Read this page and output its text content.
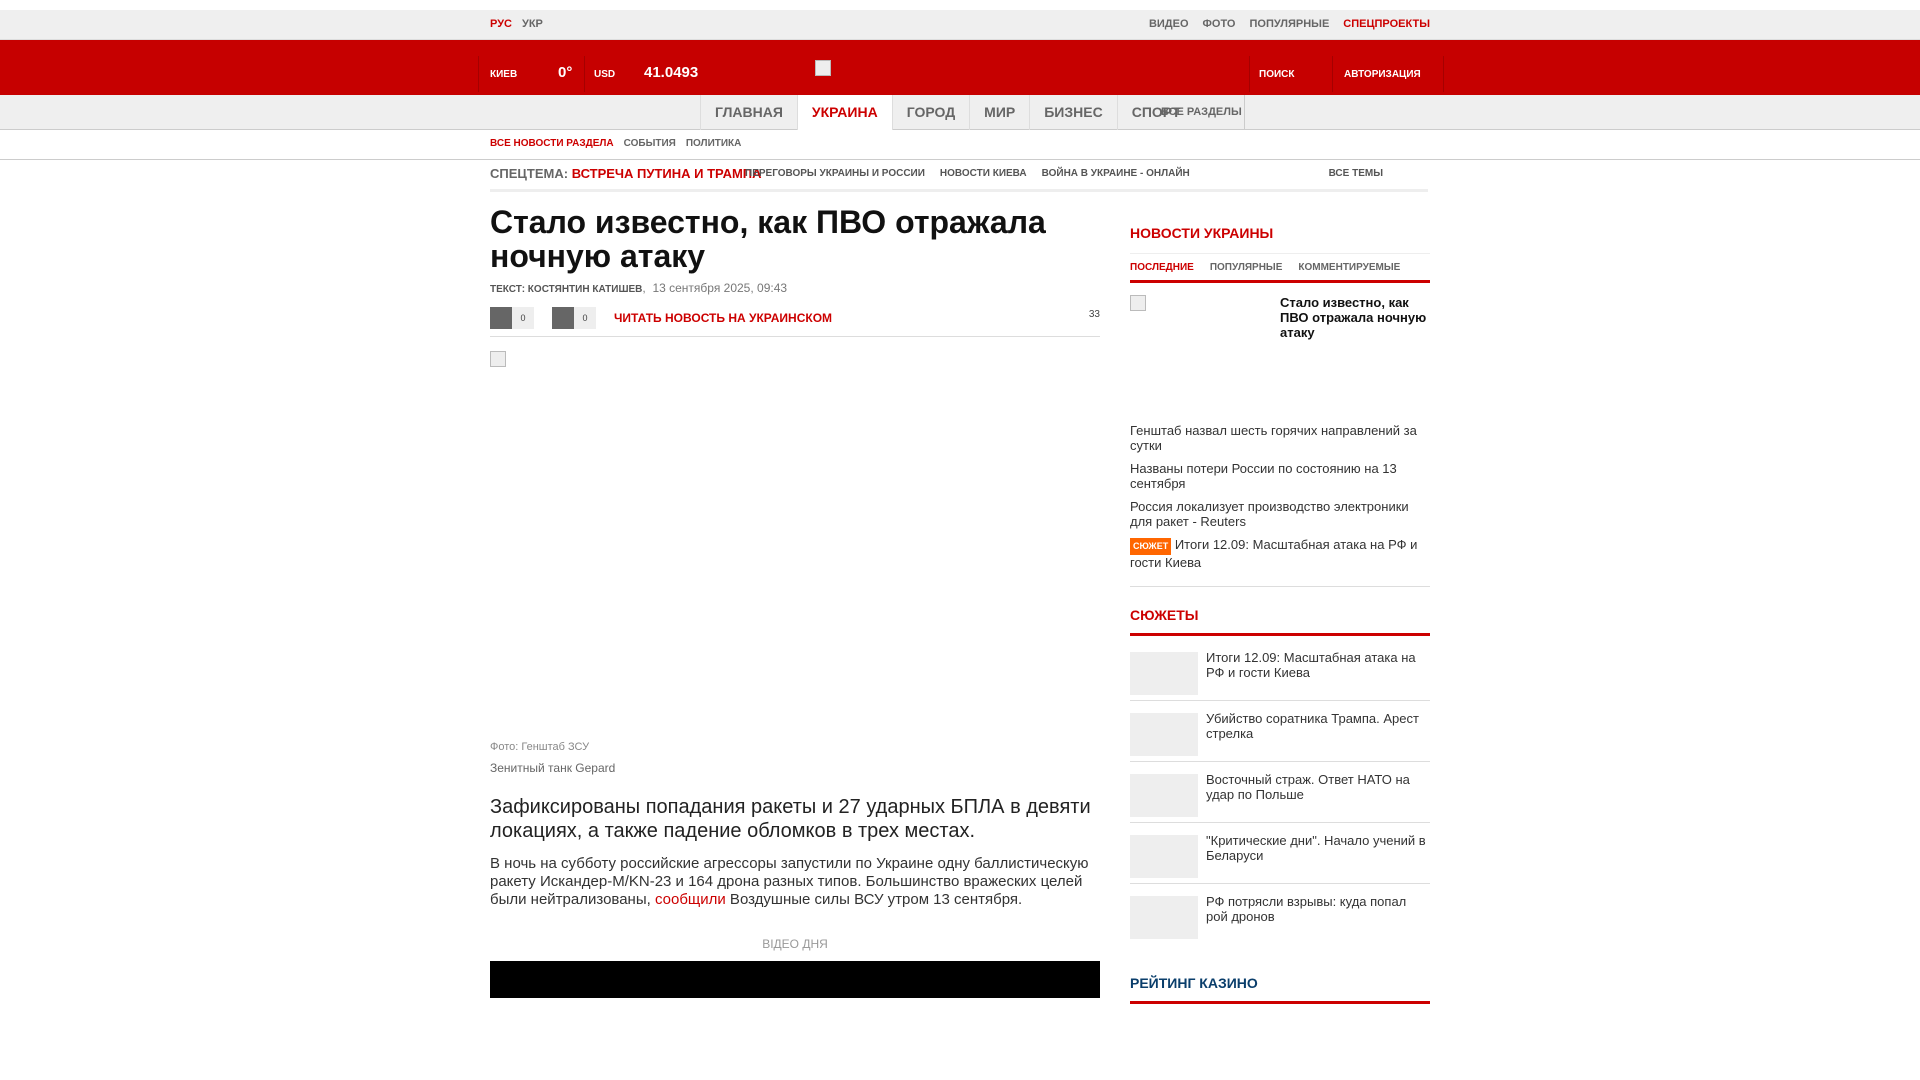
РУС УКР	ВИДЕО ФОТО ПОПУЛЯРНЫЕ СПЕЦПРОЕКТЫ
КИЕВ	0° USD 41.0493	ПОИСК	АВТОРИЗАЦИЯ
ГЛАВНАЯ	УКРАИНА	ГОРОД	МИР	БИЗНЕС	СПОРТ
ВСЕ РАЗДЕЛЫ
ВСЕ НОВОСТИ РАЗДЕЛА СОБЫТИЯ ПОЛИТИКА
СПЕЦТЕМА: ВСТРЕЧА ПУТИНА И ТРАМПА
ПЕРЕГОВОРЫ УКРАИНЫ И РОССИИ НОВОСТИ КИЕВА ВОЙНА В УКРАИНЕ - ОНЛАЙН	ВСЕ ТЕМЫ
Стало известно, как ПВО отражала ночную атаку
ТЕКСТ: КОСТЯНТИН КАТИШЕВ,  13 сентября 2025, 09:43
0	0	ЧИТАТЬ НОВОСТЬ НА УКРАИНСКОМ	33
Фото: Генштаб ЗСУ
Зенитный танк Gepard

Зафиксированы попадания ракеты и 27 ударных БПЛА в девяти локациях, а также падение обломков в трех местах.

В ночь на субботу российские агрессоры запустили по Украине одну баллистическую ракету Искандер-М/KN-23 и 164 дрона разных типов. Большинство вражеских целей были нейтрализованы, сообщили Воздушные силы ВСУ утром 13 сентября.

ВІДЕО ДНЯ
НОВОСТИ УКРАИНЫ
ПОСЛЕДНИЕ ПОПУЛЯРНЫЕ КОММЕНТИРУЕМЫЕ
Стало известно, как ПВО отражала ночную атаку
Генштаб назвал шесть горячих направлений за сутки
Названы потери России по состоянию на 13 сентября
Россия локализует производство электроники для ракет - Reuters
СЮЖЕТ Итоги 12.09: Масштабная атака на РФ и гости Киева
СЮЖЕТЫ
Итоги 12.09: Масштабная атака на РФ и гости Киева
Убийство соратника Трампа. Арест стрелка
Восточный страж. Ответ НАТО на удар по Польше
"Критические дни". Начало учений в Беларуси
РФ потрясли взрывы: куда попал рой дронов
РЕЙТИНГ КАЗИНО
